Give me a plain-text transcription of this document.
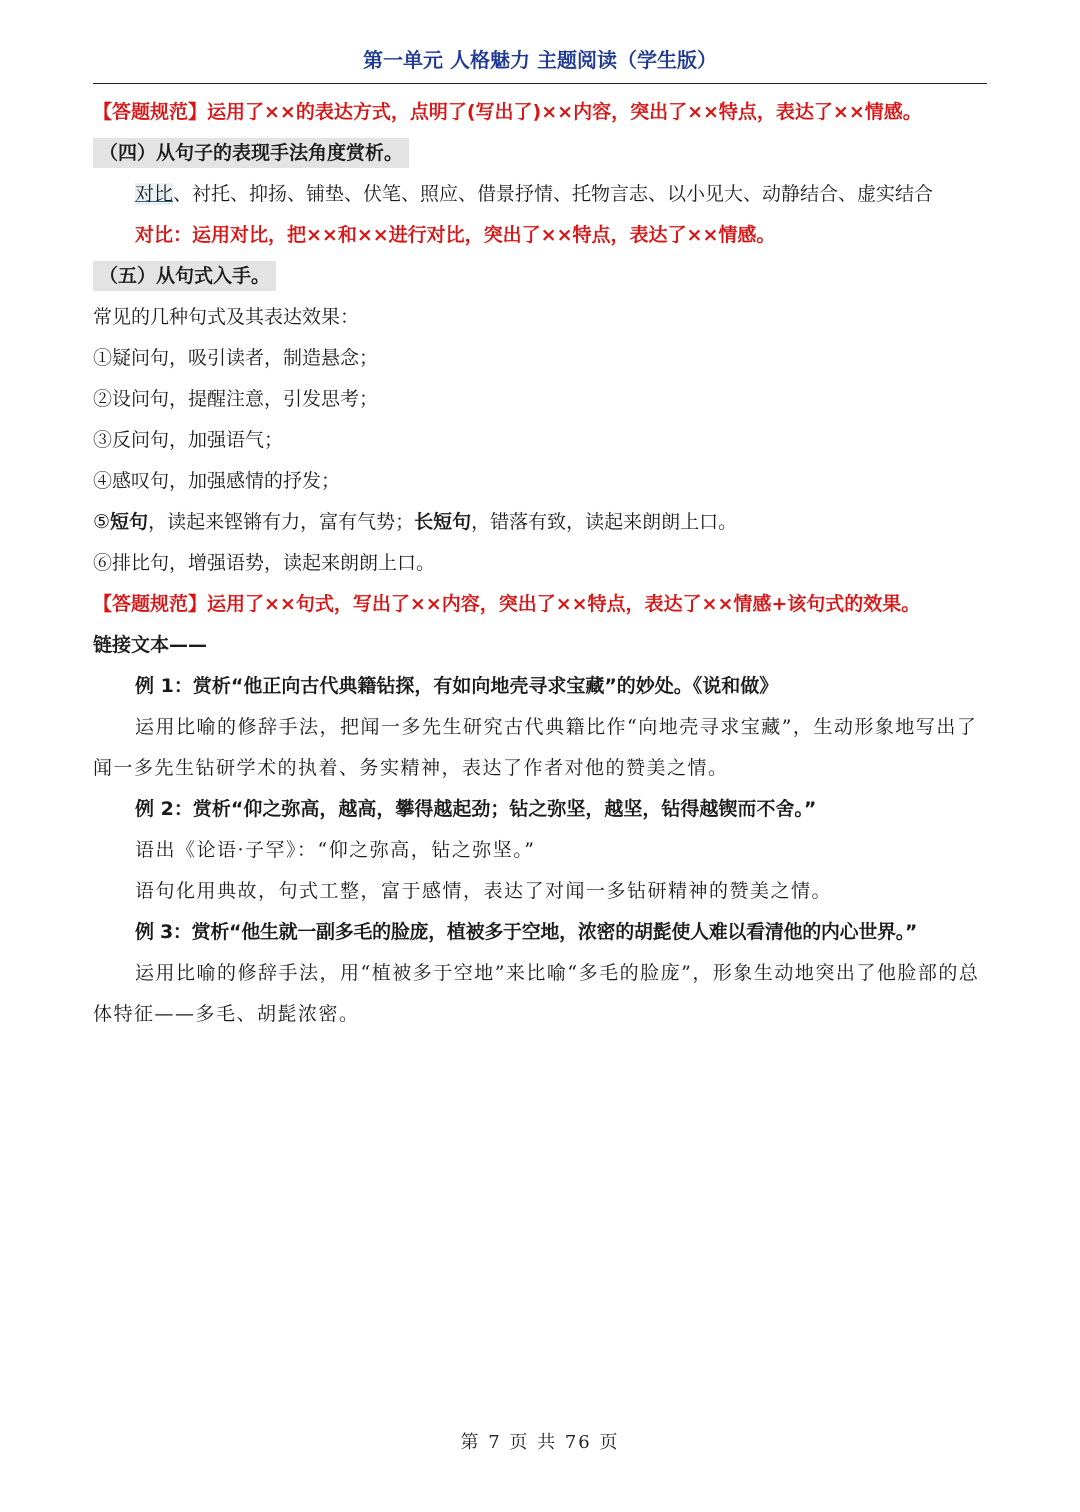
第一单元 人格魅力 主题阅读（学生版）

【答题规范】运用了××的表达方式，点明了(写出了)××内容，突出了××特点，表达了××情感。

（四）从句子的表现手法角度赏析。

对比、衬托、抑扬、铺垫、伏笔、照应、借景抒情、托物言志、以小见大、动静结合、虚实结合

对比：运用对比，把××和××进行对比，突出了××特点，表达了××情感。

（五）从句式入手。

常见的几种句式及其表达效果：

①疑问句，吸引读者，制造悬念；

②设问句，提醒注意，引发思考；

③反问句，加强语气；

④感叹句，加强感情的抒发；

⑤短句，读起来铿锵有力，富有气势；长短句，错落有致，读起来朗朗上口。

⑥排比句，增强语势，读起来朗朗上口。

【答题规范】运用了××句式，写出了××内容，突出了××特点，表达了××情感+该句式的效果。

链接文本——

例 1：赏析“他正向古代典籍钻探，有如向地壳寻求宝藏”的妙处。《说和做》

运用比喻的修辞手法，把闻一多先生研究古代典籍比作“向地壳寻求宝藏”，生动形象地写出了闻一多先生钻研学术的执着、务实精神，表达了作者对他的赞美之情。

例 2：赏析“仰之弥高，越高，攀得越起劲；钻之弥坚，越坚，钻得越锲而不舍。”

语出《论语·子罕》：“仰之弥高，钻之弥坚。”

语句化用典故，句式工整，富于感情，表达了对闻一多钻研精神的赞美之情。

例 3：赏析“他生就一副多毛的脸庞，植被多于空地，浓密的胡髭使人难以看清他的内心世界。”

运用比喻的修辞手法，用“植被多于空地”来比喻“多毛的脸庞”，形象生动地突出了他脸部的总体特征——多毛、胡髭浓密。

第 7 页 共 76 页
